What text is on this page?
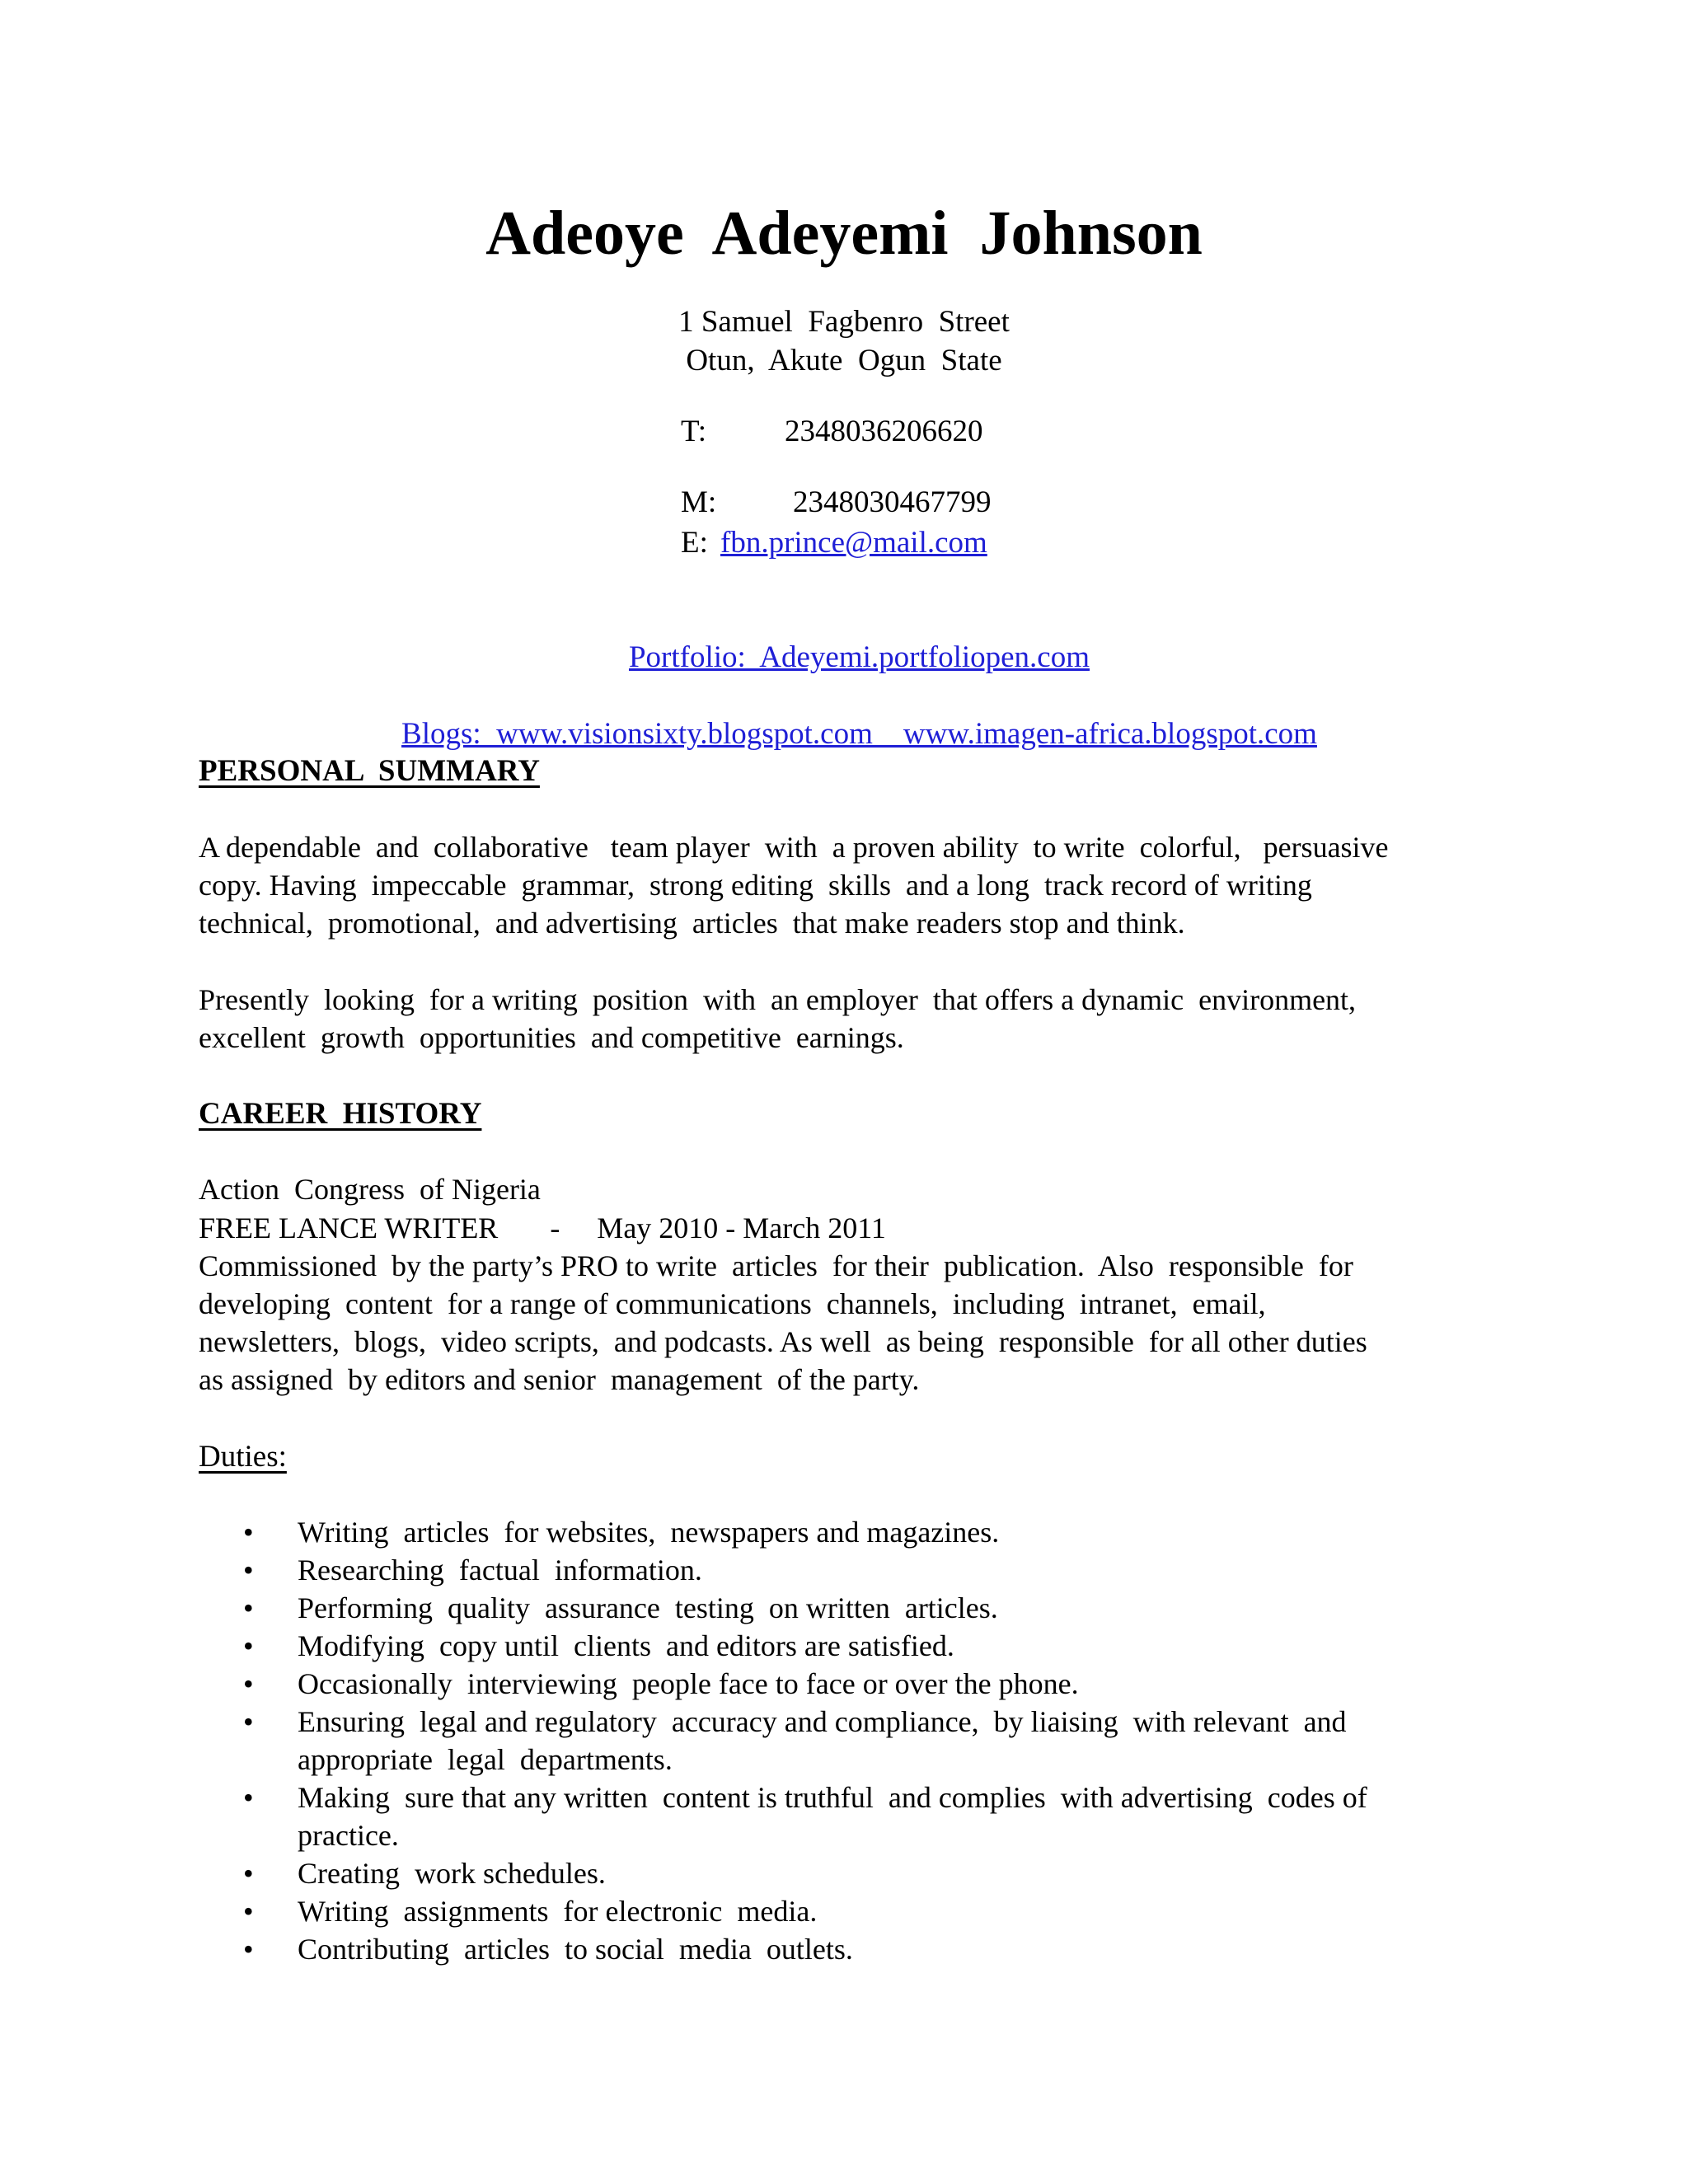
Adeoye  Adeyemi  Johnson
1 Samuel  Fagbenro  Street
Otun,  Akute  Ogun  State
T:	2348036206620
M:	2348030467799
E: fbn.prince@mail.com

Portfolio:  Adeyemi.portfoliopen.com

Blogs:  www.visionsixty.blogspot.com    www.imagen-africa.blogspot.com

PERSONAL  SUMMARY

A dependable  and  collaborative   team player  with  a proven ability  to write  colorful,   persuasive
copy. Having  impeccable  grammar,  strong editing  skills  and a long  track record of writing
technical,  promotional,  and advertising  articles  that make readers stop and think.

Presently  looking  for a writing  position  with  an employer  that offers a dynamic  environment,
excellent  growth  opportunities  and competitive  earnings.

CAREER  HISTORY

Action  Congress  of Nigeria

FREE LANCE WRITER       -     May 2010 - March 2011

Commissioned  by the party’s PRO to write  articles  for their  publication.  Also  responsible  for
developing  content  for a range of communications  channels,  including  intranet,  email,
newsletters,  blogs,  video scripts,  and podcasts. As well  as being  responsible  for all other duties
as assigned  by editors and senior  management  of the party.

Duties:
• Writing  articles  for websites,  newspapers and magazines.
• Researching  factual  information.
• Performing  quality  assurance  testing  on written  articles.
• Modifying  copy until  clients  and editors are satisfied.
• Occasionally  interviewing  people face to face or over the phone.
• Ensuring  legal and regulatory  accuracy and compliance,  by liaising  with relevant  and
appropriate  legal  departments.
• Making  sure that any written  content is truthful  and complies  with advertising  codes of
practice.
• Creating  work schedules.
• Writing  assignments  for electronic  media.
• Contributing  articles  to social  media  outlets.
